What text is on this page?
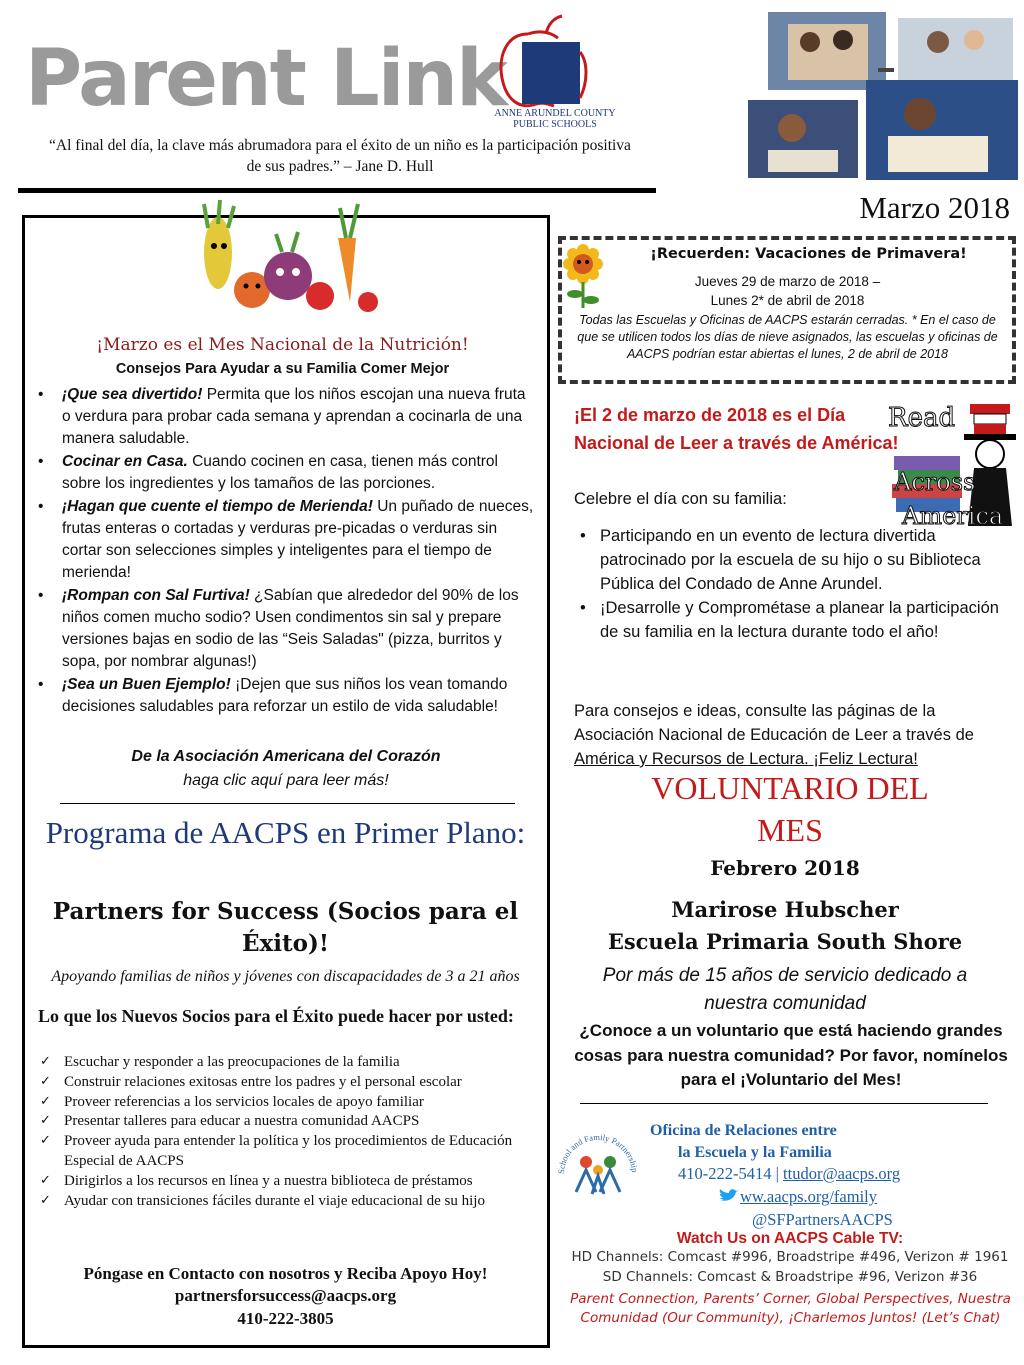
Parent Link
ANNE ARUNDEL COUNTY PUBLIC SCHOOLS
“Al final del día, la clave más abrumadora para el éxito de un niño es la participación positiva de sus padres.” – Jane D. Hull
Marzo 2018
¡Marzo es el Mes Nacional de la Nutrición!
Consejos Para Ayudar a su Familia Comer Mejor
• ¡Que sea divertido! Permita que los niños escojan una nueva fruta o verdura para probar cada semana y aprendan a cocinarla de una manera saludable.
• Cocinar en Casa. Cuando cocinen en casa, tienen más control sobre los ingredientes y los tamaños de las porciones.
• ¡Hagan que cuente el tiempo de Merienda! Un puñado de nueces, frutas enteras o cortadas y verduras pre-picadas o verduras sin cortar son selecciones simples y inteligentes para el tiempo de merienda!
• ¡Rompan con Sal Furtiva! ¿Sabían que alrededor del 90% de los niños comen mucho sodio? Usen condimentos sin sal y prepare versiones bajas en sodio de las “Seis Saladas" (pizza, burritos y sopa, por nombrar algunas!)
• ¡Sea un Buen Ejemplo! ¡Dejen que sus niños los vean tomando decisiones saludables para reforzar un estilo de vida saludable!
De la Asociación Americana del Corazón
haga clic aquí para leer más!
Programa de AACPS en Primer Plano:
Partners for Success (Socios para el Éxito)!
Apoyando familias de niños y jóvenes con discapacidades de 3 a 21 años
Lo que los Nuevos Socios para el Éxito puede hacer por usted:
✓ Escuchar y responder a las preocupaciones de la familia
✓ Construir relaciones exitosas entre los padres y el personal escolar
✓ Proveer referencias a los servicios locales de apoyo familiar
✓ Presentar talleres para educar a nuestra comunidad AACPS
✓ Proveer ayuda para entender la política y los procedimientos de Educación Especial de AACPS
✓ Dirigirlos a los recursos en línea y a nuestra biblioteca de préstamos
✓ Ayudar con transiciones fáciles durante el viaje educacional de su hijo
Póngase en Contacto con nosotros y Reciba Apoyo Hoy!
partnersforsuccess@aacps.org
410-222-3805
¡Recuerden: Vacaciones de Primavera!
Jueves 29 de marzo de 2018 –
Lunes 2* de abril de 2018
Todas las Escuelas y Oficinas de AACPS estarán cerradas. * En el caso de que se utilicen todos los días de nieve asignados, las escuelas y oficinas de AACPS podrían estar abiertas el lunes, 2 de abril de 2018
¡El 2 de marzo de 2018 es el Día Nacional de Leer a través de América!
Read
Across
America
Celebre el día con su familia:
• Participando en un evento de lectura divertida patrocinado por la escuela de su hijo o su Biblioteca Pública del Condado de Anne Arundel.
• ¡Desarrolle y Comprométase a planear la participación de su familia en la lectura durante todo el año!
Para consejos e ideas, consulte las páginas de la Asociación Nacional de Educación de Leer a través de América y Recursos de Lectura. ¡Feliz Lectura!
VOLUNTARIO DEL MES
Febrero 2018
Marirose Hubscher
Escuela Primaria South Shore
Por más de 15 años de servicio dedicado a nuestra comunidad
¿Conoce a un voluntario que está haciendo grandes cosas para nuestra comunidad? Por favor, nomínelos para el ¡Voluntario del Mes!
School and Family Partnership
Oficina de Relaciones entre
la Escuela y la Familia
410-222-5414 | ttudor@aacps.org
ww.aacps.org/family
@SFPartnersAACPS
Watch Us on AACPS Cable TV:
HD Channels: Comcast #996, Broadstripe #496, Verizon # 1961
SD Channels: Comcast & Broadstripe #96, Verizon #36
Parent Connection, Parents’ Corner, Global Perspectives, Nuestra Comunidad (Our Community), ¡Charlemos Juntos! (Let’s Chat)
